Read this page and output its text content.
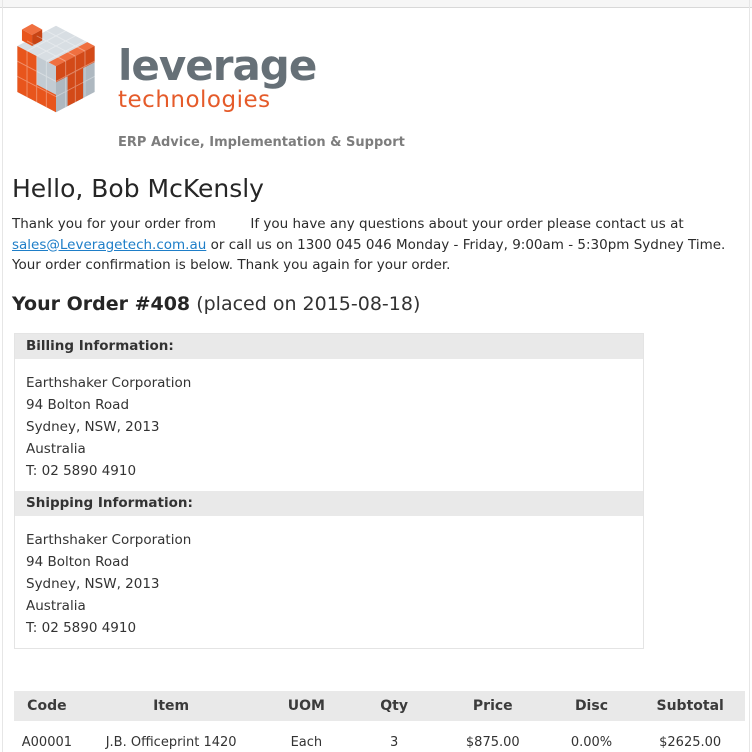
leverage
technologies
ERP Advice, Implementation & Support
Hello, Bob McKensly

Thank you for your order from        If you have any questions about your order please contact us at sales@Leveragetech.com.au or call us on 1300 045 046 Monday - Friday, 9:00am - 5:30pm Sydney Time. Your order confirmation is below. Thank you again for your order.

Your Order #408 (placed on 2015-08-18)
Billing Information:
Earthshaker Corporation
94 Bolton Road
Sydney, NSW, 2013
Australia
T: 02 5890 4910
Shipping Information:
Earthshaker Corporation
94 Bolton Road
Sydney, NSW, 2013
Australia
T: 02 5890 4910
Code	Item	UOM	Qty	Price	Disc	Subtotal
A00001	J.B. Officeprint 1420	Each	3	$875.00	0.00%	$2625.00
